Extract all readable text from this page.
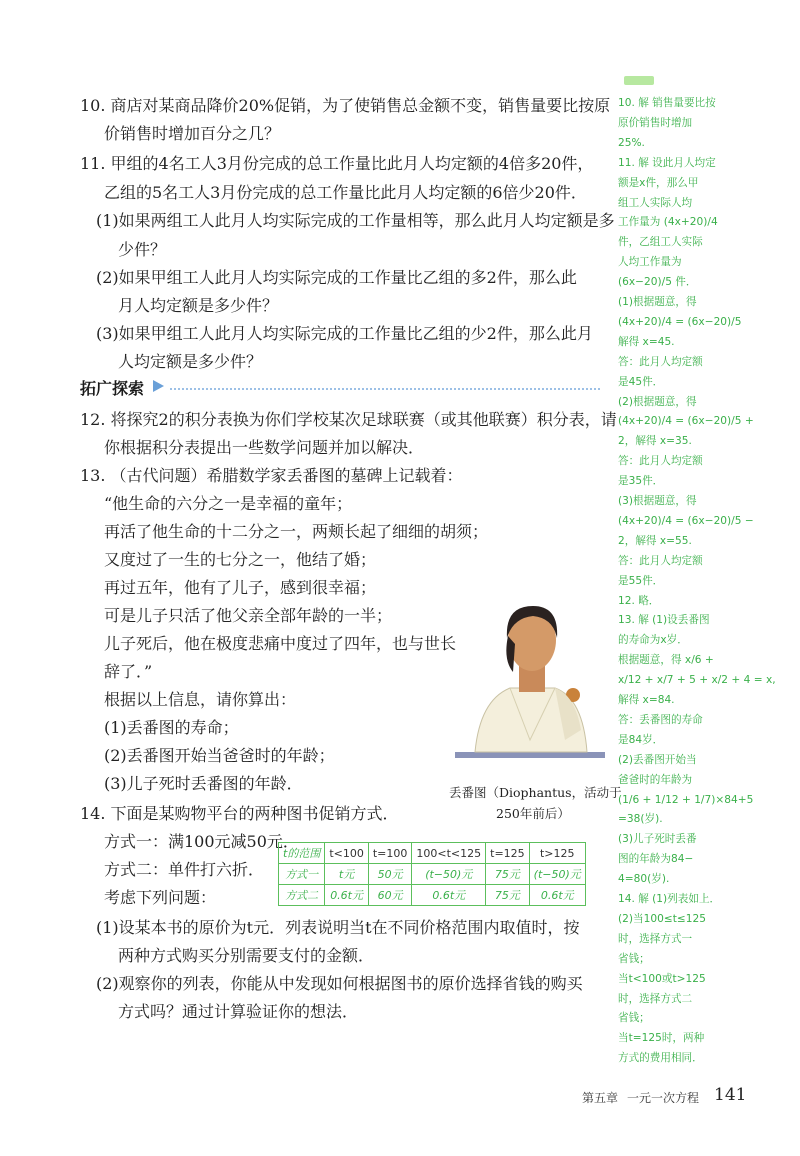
10. 商店对某商品降价20%促销，为了使销售总金额不变，销售量要比按原
价销售时增加百分之几？
11. 甲组的4名工人3月份完成的总工作量比此月人均定额的4倍多20件，
乙组的5名工人3月份完成的总工作量比此月人均定额的6倍少20件．
(1)如果两组工人此月人均实际完成的工作量相等，那么此月人均定额是多
少件？
(2)如果甲组工人此月人均实际完成的工作量比乙组的多2件，那么此
月人均定额是多少件？
(3)如果甲组工人此月人均实际完成的工作量比乙组的少2件，那么此月
人均定额是多少件？
拓广探索
12. 将探究2的积分表换为你们学校某次足球联赛（或其他联赛）积分表，请
你根据积分表提出一些数学问题并加以解决．
13. （古代问题）希腊数学家丢番图的墓碑上记载着：
“他生命的六分之一是幸福的童年；
再活了他生命的十二分之一，两颊长起了细细的胡须；
又度过了一生的七分之一，他结了婚；
再过五年，他有了儿子，感到很幸福；
可是儿子只活了他父亲全部年龄的一半；
儿子死后，他在极度悲痛中度过了四年，也与世长
辞了．”
根据以上信息，请你算出：
(1)丢番图的寿命；
(2)丢番图开始当爸爸时的年龄；
(3)儿子死时丢番图的年龄．	丢番图（Diophantus，活动于
250年前后）
14. 下面是某购物平台的两种图书促销方式．
方式一：满100元减50元．
方式二：单件打六折．
考虑下列问题：
t的范围	t<100	t=100	100<t<125	t=125	t>125
方式一	t元	50元	(t−50)元	75元	(t−50)元
方式二	0.6t元	60元	0.6t元	75元	0.6t元
(1)设某本书的原价为t元．列表说明当t在不同价格范围内取值时，按
两种方式购买分别需要支付的金额．
(2)观察你的列表，你能从中发现如何根据图书的原价选择省钱的购买
方式吗？通过计算验证你的想法．
10. 解 销售量要比按
原价销售时增加
25%.
11. 解 设此月人均定
额是x件，那么甲
组工人实际人均
工作量为 (4x+20)/4
件，乙组工人实际
人均工作量为
(6x−20)/5 件．
(1)根据题意，得
(4x+20)/4 = (6x−20)/5
解得 x=45.
答：此月人均定额
是45件．
(2)根据题意，得
(4x+20)/4 = (6x−20)/5 +
2，解得 x=35.
答：此月人均定额
是35件．
(3)根据题意，得
(4x+20)/4 = (6x−20)/5 −
2，解得 x=55.
答：此月人均定额
是55件．
12. 略．
13. 解 (1)设丢番图
的寿命为x岁．
根据题意，得 x/6 +
x/12 + x/7 + 5 + x/2 + 4 = x,
解得 x=84.
答：丢番图的寿命
是84岁．
(2)丢番图开始当
爸爸时的年龄为
(1/6 + 1/12 + 1/7)×84+5
=38(岁).
(3)儿子死时丢番
图的年龄为84−
4=80(岁).
14. 解 (1)列表如上．
(2)当100≤t≤125
时，选择方式一
省钱；
当t<100或t>125
时，选择方式二
省钱；
当t=125时，两种
方式的费用相同．
第五章 一元一次方程 141
